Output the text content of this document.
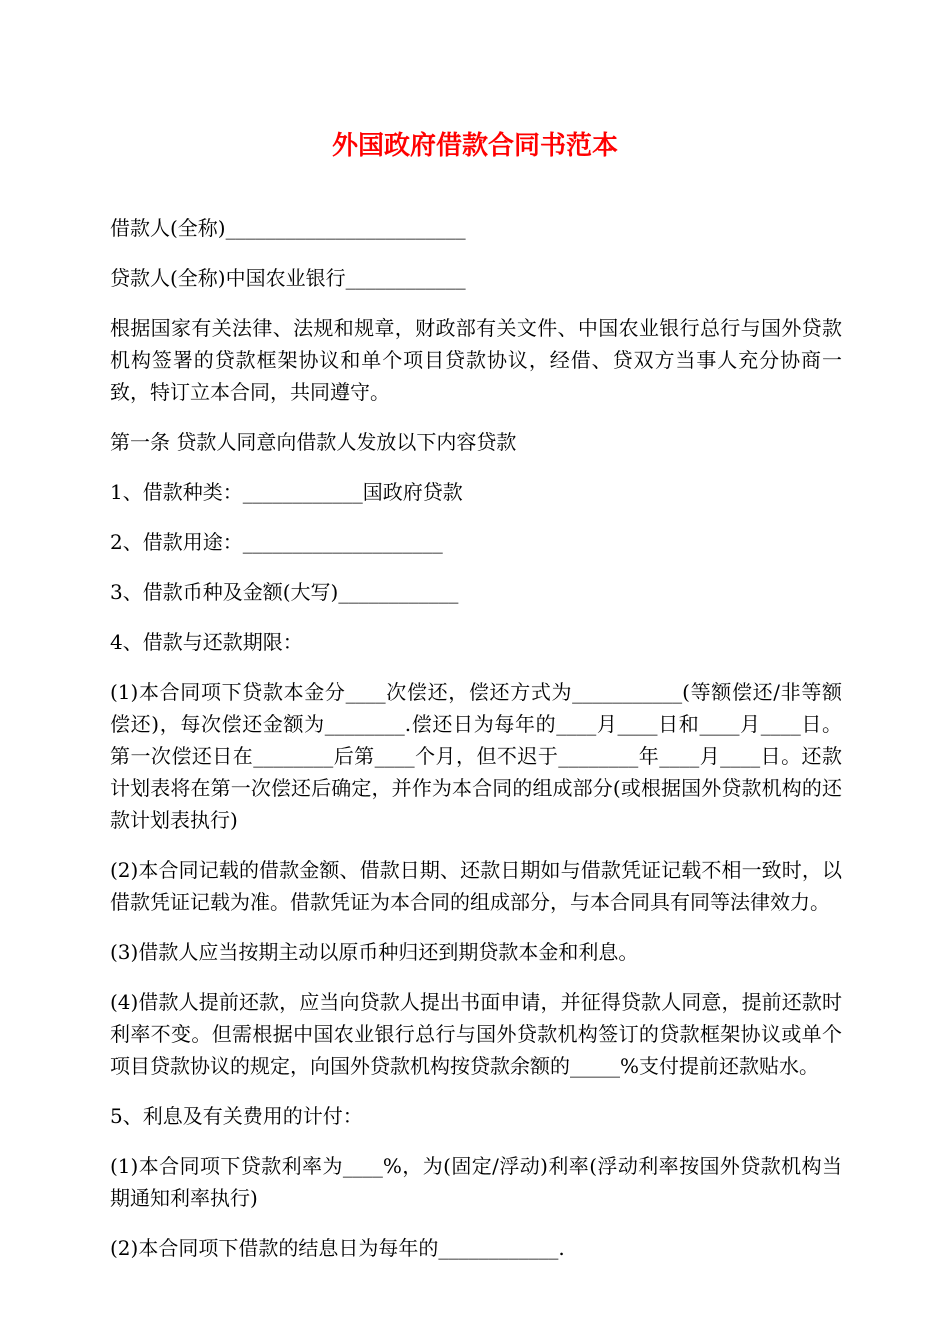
外国政府借款合同书范本

借款人(全称)________________________

贷款人(全称)中国农业银行____________

根据国家有关法律、法规和规章，财政部有关文件、中国农业银行总行与国外贷款机构签署的贷款框架协议和单个项目贷款协议，经借、贷双方当事人充分协商一致，特订立本合同，共同遵守。

第一条 贷款人同意向借款人发放以下内容贷款

1、借款种类：____________国政府贷款

2、借款用途：____________________

3、借款币种及金额(大写)____________

4、借款与还款期限：

(1)本合同项下贷款本金分____次偿还，偿还方式为___________(等额偿还/非等额偿还)，每次偿还金额为________.偿还日为每年的____月____日和____月____日。第一次偿还日在________后第____个月，但不迟于________年____月____日。还款计划表将在第一次偿还后确定，并作为本合同的组成部分(或根据国外贷款机构的还款计划表执行)

(2)本合同记载的借款金额、借款日期、还款日期如与借款凭证记载不相一致时，以借款凭证记载为准。借款凭证为本合同的组成部分，与本合同具有同等法律效力。

(3)借款人应当按期主动以原币种归还到期贷款本金和利息。

(4)借款人提前还款，应当向贷款人提出书面申请，并征得贷款人同意，提前还款时利率不变。但需根据中国农业银行总行与国外贷款机构签订的贷款框架协议或单个项目贷款协议的规定，向国外贷款机构按贷款余额的_____%支付提前还款贴水。

5、利息及有关费用的计付：

(1)本合同项下贷款利率为____%，为(固定/浮动)利率(浮动利率按国外贷款机构当期通知利率执行)

(2)本合同项下借款的结息日为每年的____________.
